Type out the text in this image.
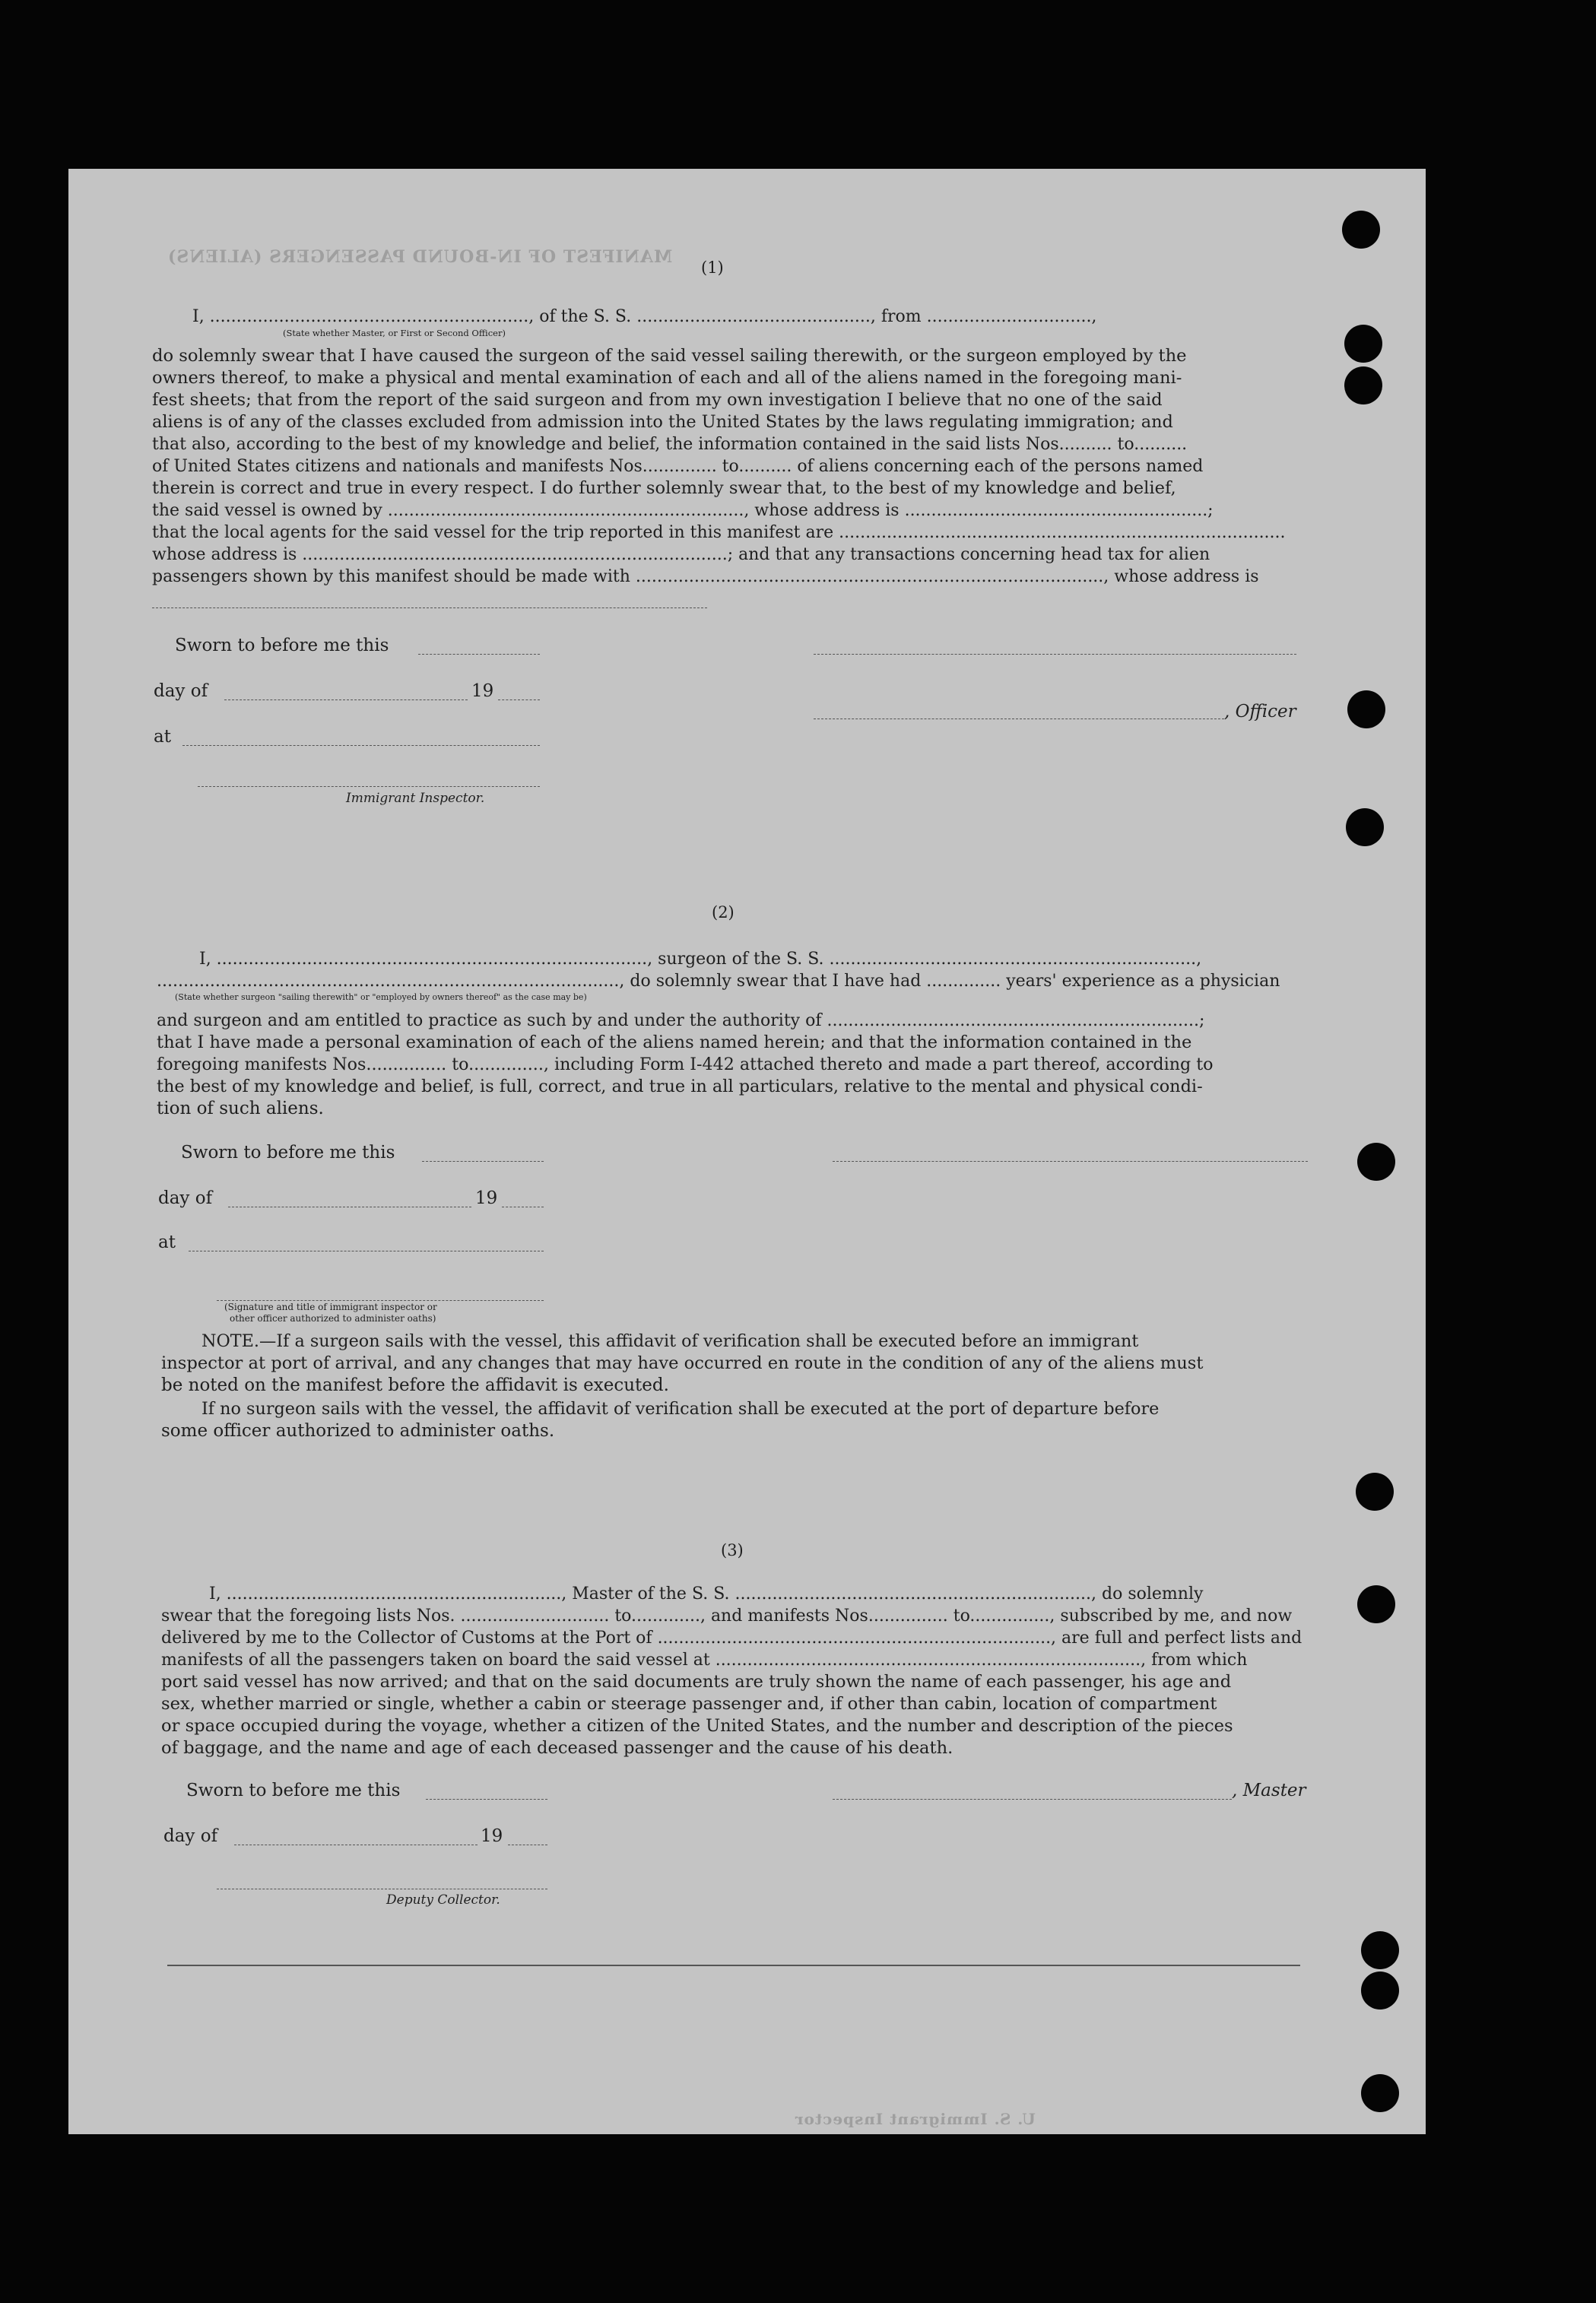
MANIFEST OF IN-BOUND PASSENGERS (ALIENS)
U. S. Immigrant Inspector
(1)
I, ............................................................, of the S. S. ............................................, from ...............................,
(State whether Master, or First or Second Officer)
do solemnly swear that I have caused the surgeon of the said vessel sailing therewith, or the surgeon employed by the
owners thereof, to make a physical and mental examination of each and all of the aliens named in the foregoing mani-
fest sheets; that from the report of the said surgeon and from my own investigation I believe that no one of the said
aliens is of any of the classes excluded from admission into the United States by the laws regulating immigration; and
that also, according to the best of my knowledge and belief, the information contained in the said lists Nos.......... to..........
of United States citizens and nationals and manifests Nos.............. to.......... of aliens concerning each of the persons named
therein is correct and true in every respect. I do further solemnly swear that, to the best of my knowledge and belief,
the said vessel is owned by ..................................................................., whose address is .........................................................;
that the local agents for the said vessel for the trip reported in this manifest are ....................................................................................
whose address is ................................................................................; and that any transactions concerning head tax for alien
passengers shown by this manifest should be made with ........................................................................................, whose address is
Sworn to before me this
day of	19
, Officer
at
Immigrant Inspector.
(2)
I, ................................................................................., surgeon of the S. S. .....................................................................,
......................................................................................., do solemnly swear that I have had .............. years' experience as a physician
(State whether surgeon "sailing therewith" or "employed by owners thereof" as the case may be)
and surgeon and am entitled to practice as such by and under the authority of ......................................................................;
that I have made a personal examination of each of the aliens named herein; and that the information contained in the
foregoing manifests Nos............... to.............., including Form I-442 attached thereto and made a part thereof, according to
the best of my knowledge and belief, is full, correct, and true in all particulars, relative to the mental and physical condi-
tion of such aliens.
Sworn to before me this
day of	19
at
(Signature and title of immigrant inspector or
other officer authorized to administer oaths)
NOTE.—If a surgeon sails with the vessel, this affidavit of verification shall be executed before an immigrant
inspector at port of arrival, and any changes that may have occurred en route in the condition of any of the aliens must
be noted on the manifest before the affidavit is executed.
If no surgeon sails with the vessel, the affidavit of verification shall be executed at the port of departure before
some officer authorized to administer oaths.
(3)
I, ..............................................................., Master of the S. S. ..................................................................., do solemnly
swear that the foregoing lists Nos. ............................ to............., and manifests Nos............... to..............., subscribed by me, and now
delivered by me to the Collector of Customs at the Port of .........................................................................., are full and perfect lists and
manifests of all the passengers taken on board the said vessel at ................................................................................, from which
port said vessel has now arrived; and that on the said documents are truly shown the name of each passenger, his age and
sex, whether married or single, whether a cabin or steerage passenger and, if other than cabin, location of compartment
or space occupied during the voyage, whether a citizen of the United States, and the number and description of the pieces
of baggage, and the name and age of each deceased passenger and the cause of his death.
Sworn to before me this	, Master
day of	19
Deputy Collector.
